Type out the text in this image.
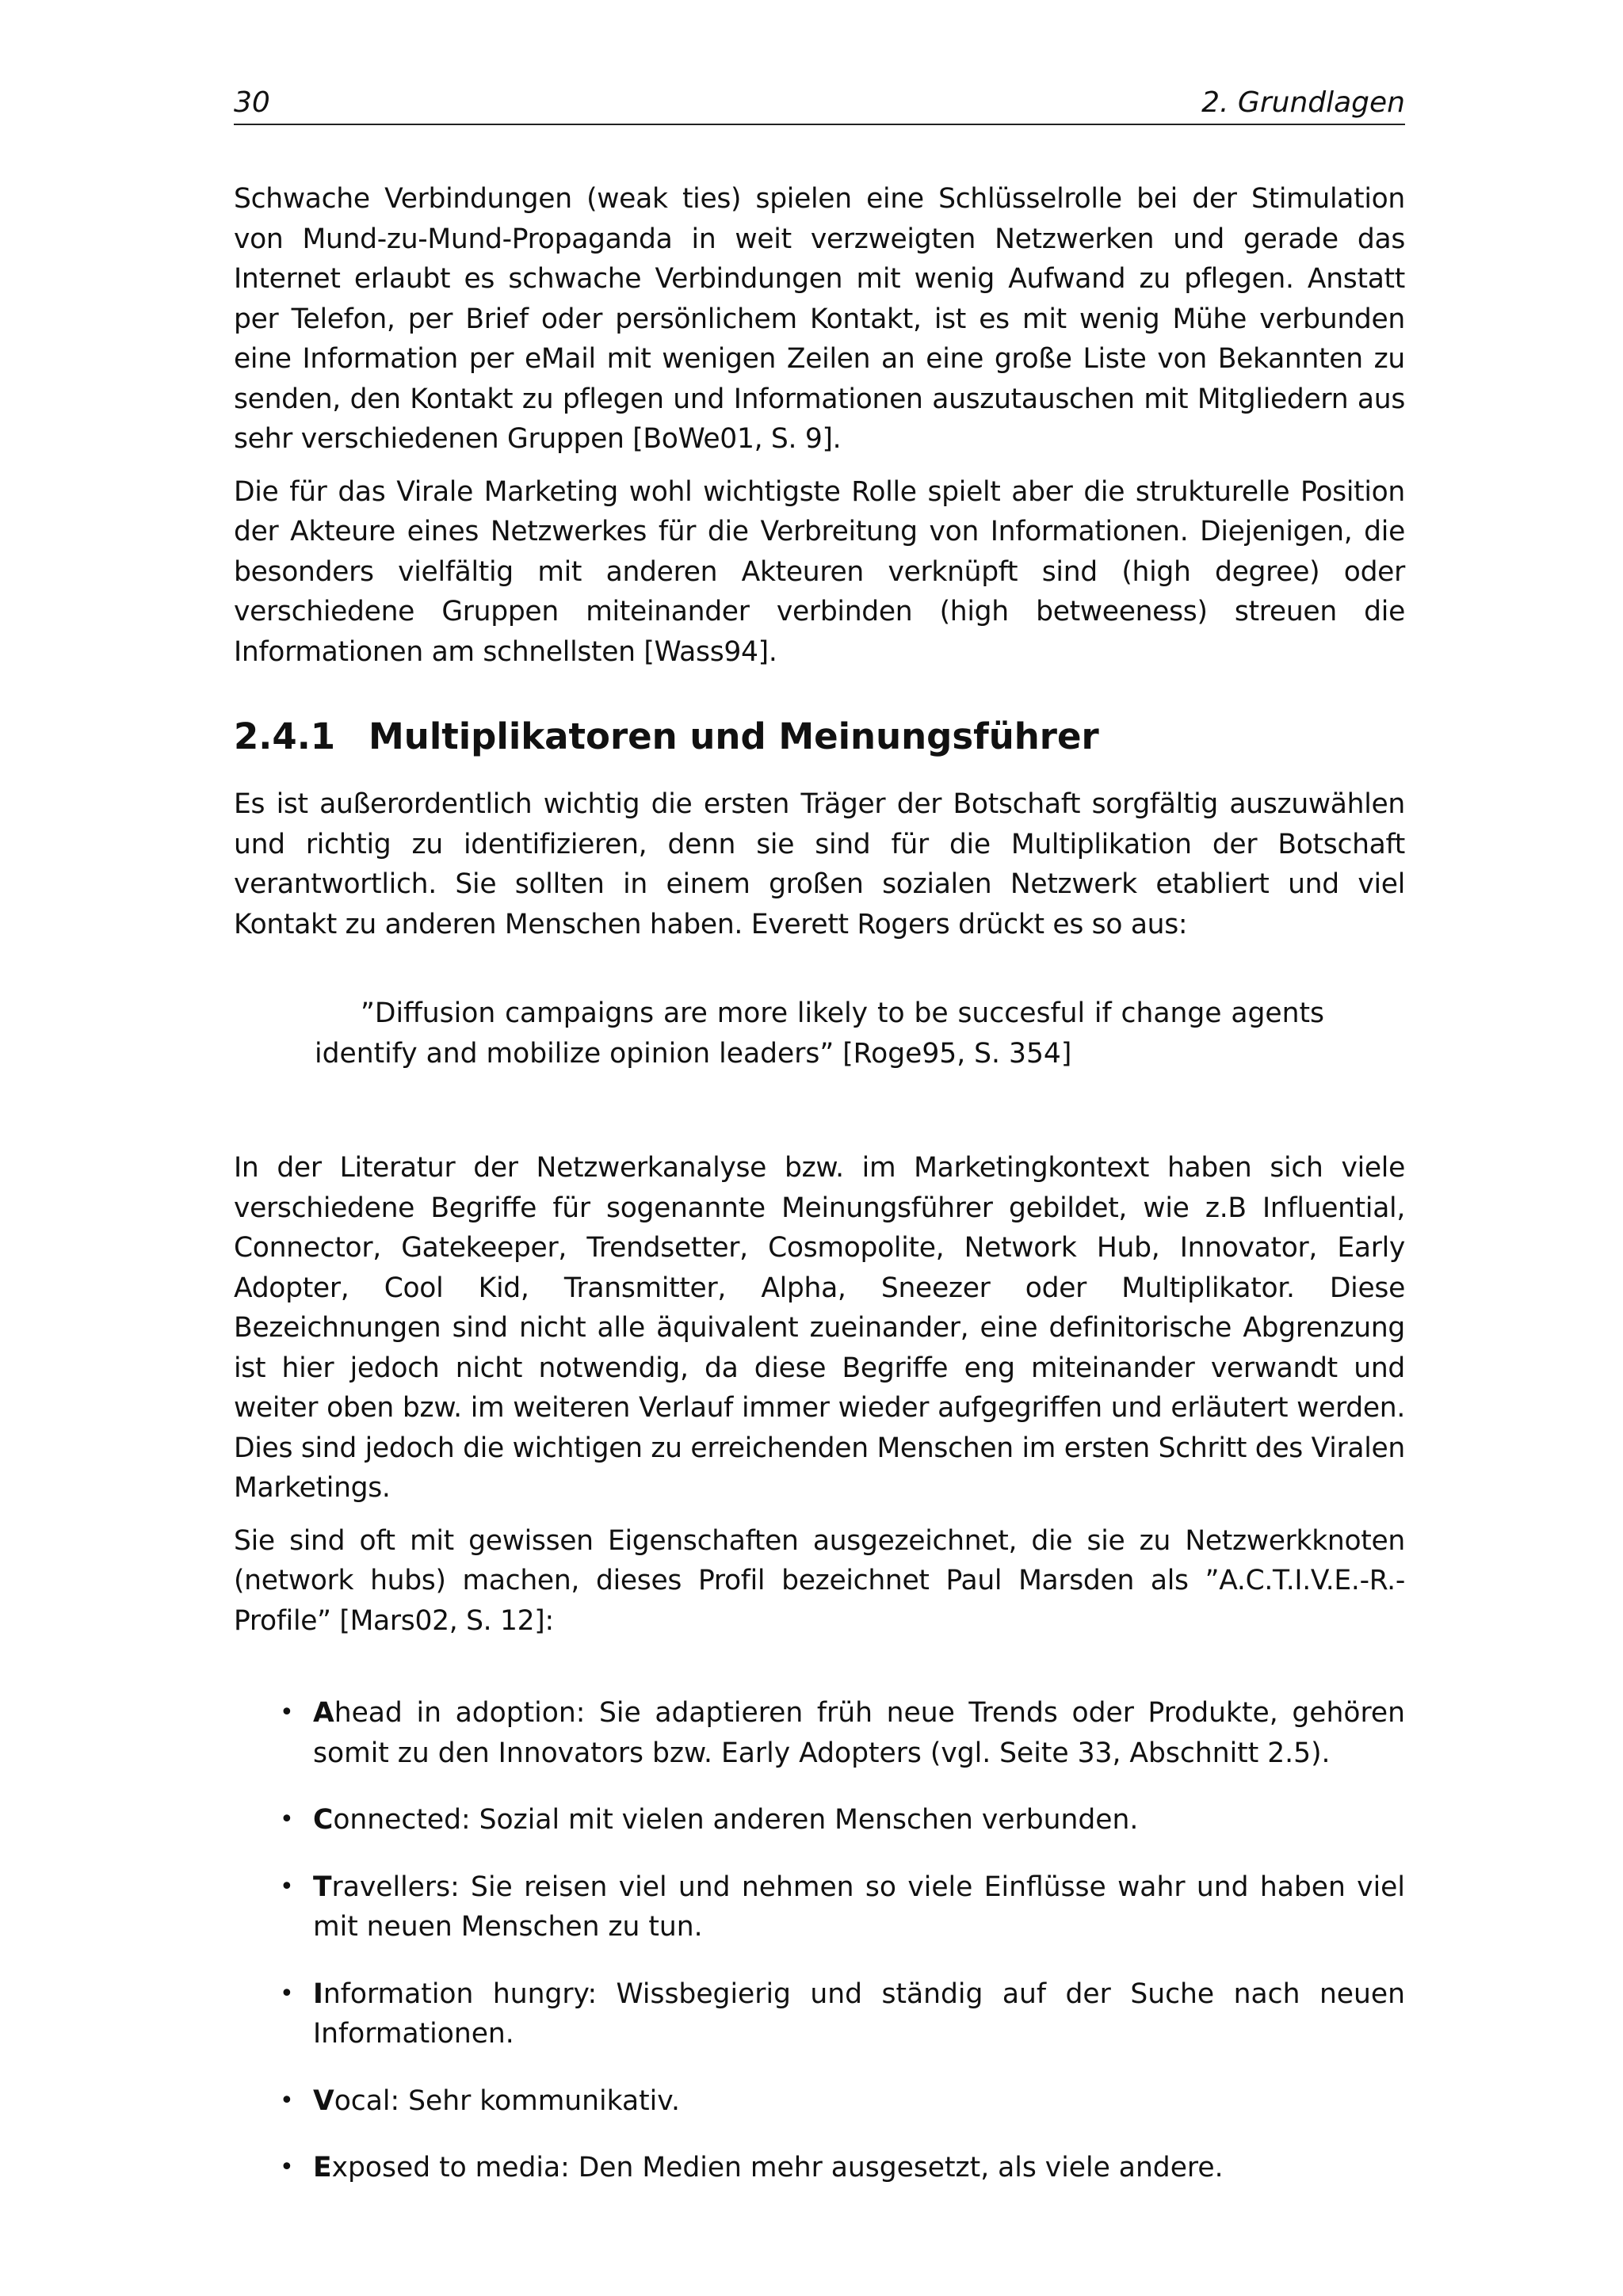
30	2. Grundlagen

Schwache Verbindungen (weak ties) spielen eine Schlüsselrolle bei der Stimulation von Mund-zu-Mund-Propaganda in weit verzweigten Netzwerken und gerade das Internet erlaubt es schwache Verbindungen mit wenig Aufwand zu pflegen. Anstatt per Telefon, per Brief oder persönlichem Kontakt, ist es mit wenig Mühe verbunden eine Information per eMail mit wenigen Zeilen an eine große Liste von Bekannten zu senden, den Kontakt zu pflegen und Informationen auszutauschen mit Mitgliedern aus sehr verschiedenen Gruppen [BoWe01, S. 9].

Die für das Virale Marketing wohl wichtigste Rolle spielt aber die strukturelle Position der Akteure eines Netzwerkes für die Verbreitung von Informationen. Diejenigen, die besonders vielfältig mit anderen Akteuren verknüpft sind (high degree) oder verschiedene Gruppen miteinander verbinden (high betweeness) streuen die Informationen am schnellsten [Wass94].

2.4.1 Multiplikatoren und Meinungsführer

Es ist außerordentlich wichtig die ersten Träger der Botschaft sorgfältig auszuwählen und richtig zu identifizieren, denn sie sind für die Multiplikation der Botschaft verantwortlich. Sie sollten in einem großen sozialen Netzwerk etabliert und viel Kontakt zu anderen Menschen haben. Everett Rogers drückt es so aus:

”Diffusion campaigns are more likely to be succesful if change agents identify and mobilize opinion leaders” [Roge95, S. 354]

In der Literatur der Netzwerkanalyse bzw. im Marketingkontext haben sich viele verschiedene Begriffe für sogenannte Meinungsführer gebildet, wie z.B Influential, Connector, Gatekeeper, Trendsetter, Cosmopolite, Network Hub, Innovator, Early Adopter, Cool Kid, Transmitter, Alpha, Sneezer oder Multiplikator. Diese Bezeichnungen sind nicht alle äquivalent zueinander, eine definitorische Abgrenzung ist hier jedoch nicht notwendig, da diese Begriffe eng miteinander verwandt und weiter oben bzw. im weiteren Verlauf immer wieder aufgegriffen und erläutert werden. Dies sind jedoch die wichtigen zu erreichenden Menschen im ersten Schritt des Viralen Marketings.

Sie sind oft mit gewissen Eigenschaften ausgezeichnet, die sie zu Netzwerkknoten (network hubs) machen, dieses Profil bezeichnet Paul Marsden als ”A.C.T.I.V.E.-R.-Profile” [Mars02, S. 12]:

• Ahead in adoption: Sie adaptieren früh neue Trends oder Produkte, gehören somit zu den Innovators bzw. Early Adopters (vgl. Seite 33, Abschnitt 2.5).
• Connected: Sozial mit vielen anderen Menschen verbunden.
• Travellers: Sie reisen viel und nehmen so viele Einflüsse wahr und haben viel mit neuen Menschen zu tun.
• Information hungry: Wissbegierig und ständig auf der Suche nach neuen Informationen.
• Vocal: Sehr kommunikativ.
• Exposed to media: Den Medien mehr ausgesetzt, als viele andere.
